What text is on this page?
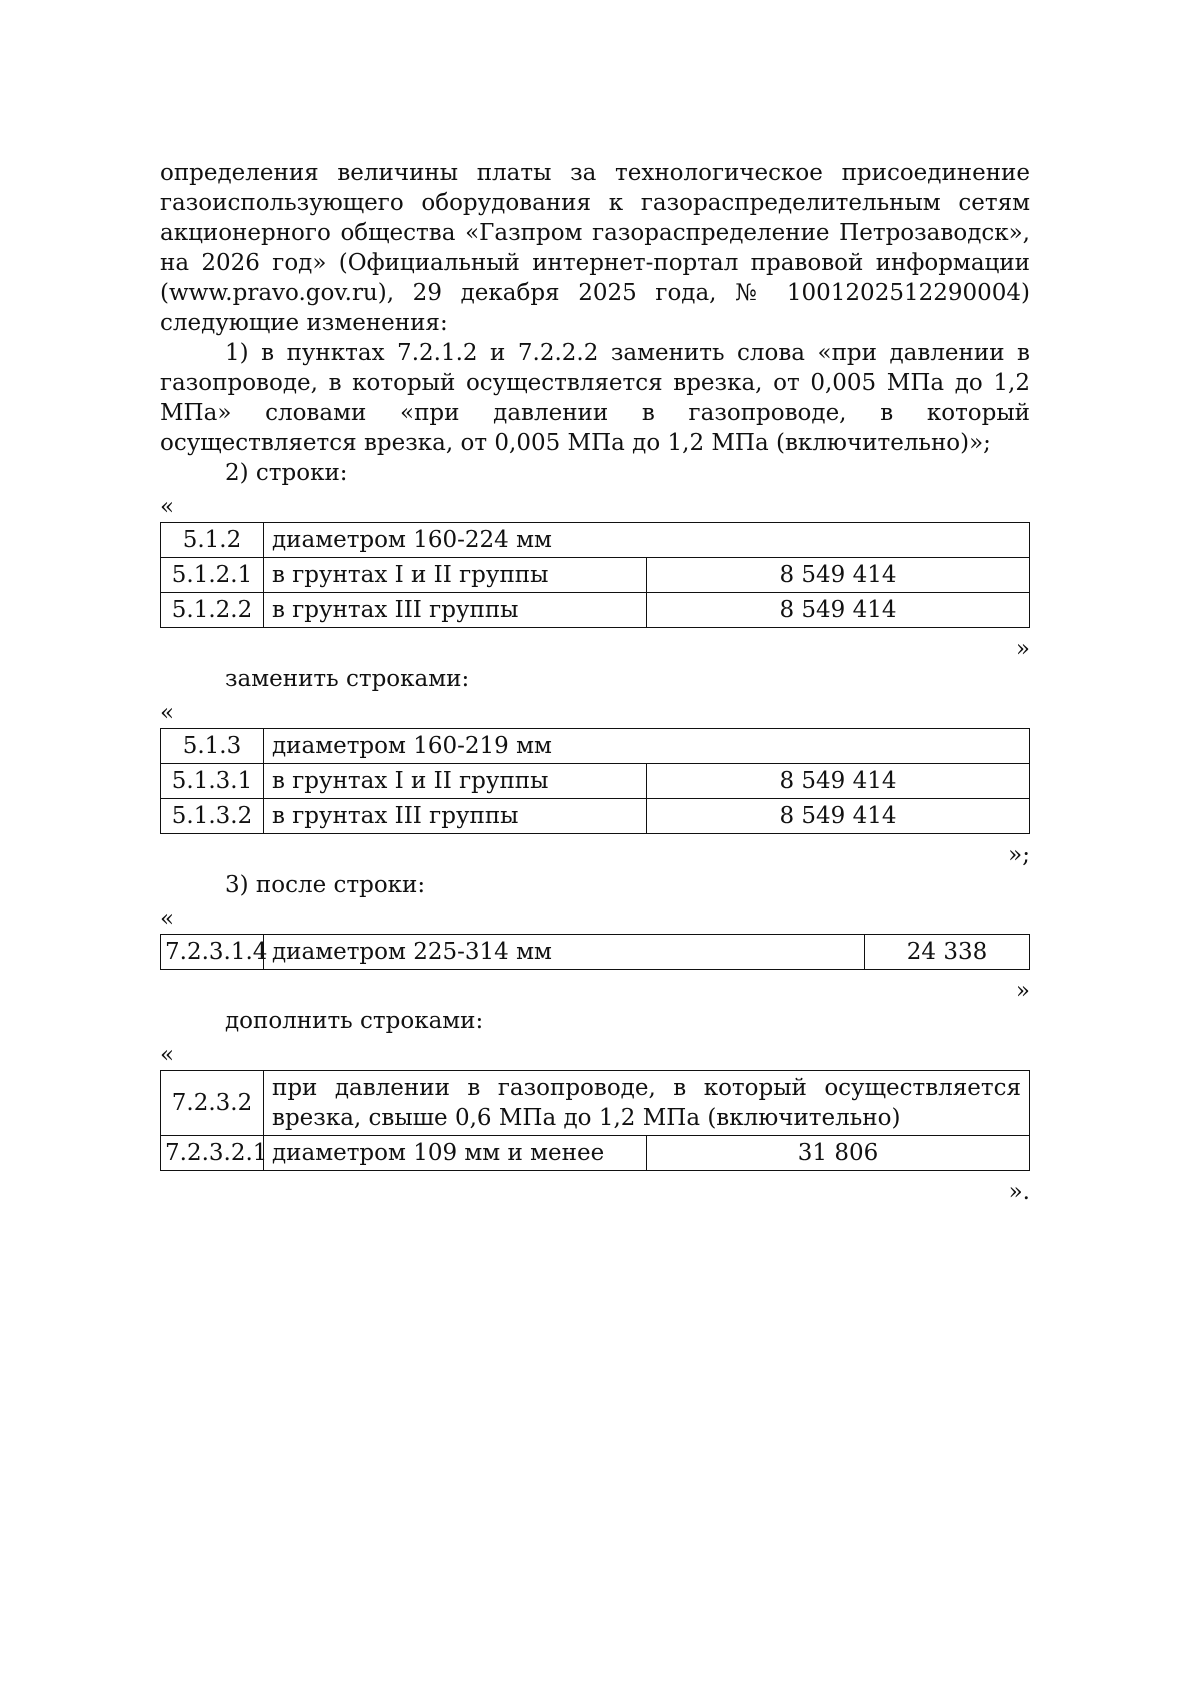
определения величины платы за технологическое присоединение газоиспользующего оборудования к газораспределительным сетям акционерного общества «Газпром газораспределение Петрозаводск», на 2026 год» (Официальный интернет-портал правовой информации (www.pravo.gov.ru), 29 декабря 2025 года, № 1001202512290004) следующие изменения:

1) в пунктах 7.2.1.2 и 7.2.2.2 заменить слова «при давлении в газопроводе, в который осуществляется врезка, от 0,005 МПа до 1,2 МПа» словами «при давлении в газопроводе, в который осуществляется врезка, от 0,005 МПа до 1,2 МПа (включительно)»;

2) строки:

«

5.1.2	диаметром 160-224 мм	
5.1.2.1	в грунтах I и II группы	8 549 414
5.1.2.2	в грунтах III группы	8 549 414

»

заменить строками:

«

5.1.3	диаметром 160-219 мм	
5.1.3.1	в грунтах I и II группы	8 549 414
5.1.3.2	в грунтах III группы	8 549 414

»;

3) после строки:

«

7.2.3.1.4	диаметром 225-314 мм	24 338

»

дополнить строками:

«

7.2.3.2	при давлении в газопроводе, в который осуществляется врезка, свыше 0,6 МПа до 1,2 МПа (включительно)	
7.2.3.2.1	диаметром 109 мм и менее	31 806

».
